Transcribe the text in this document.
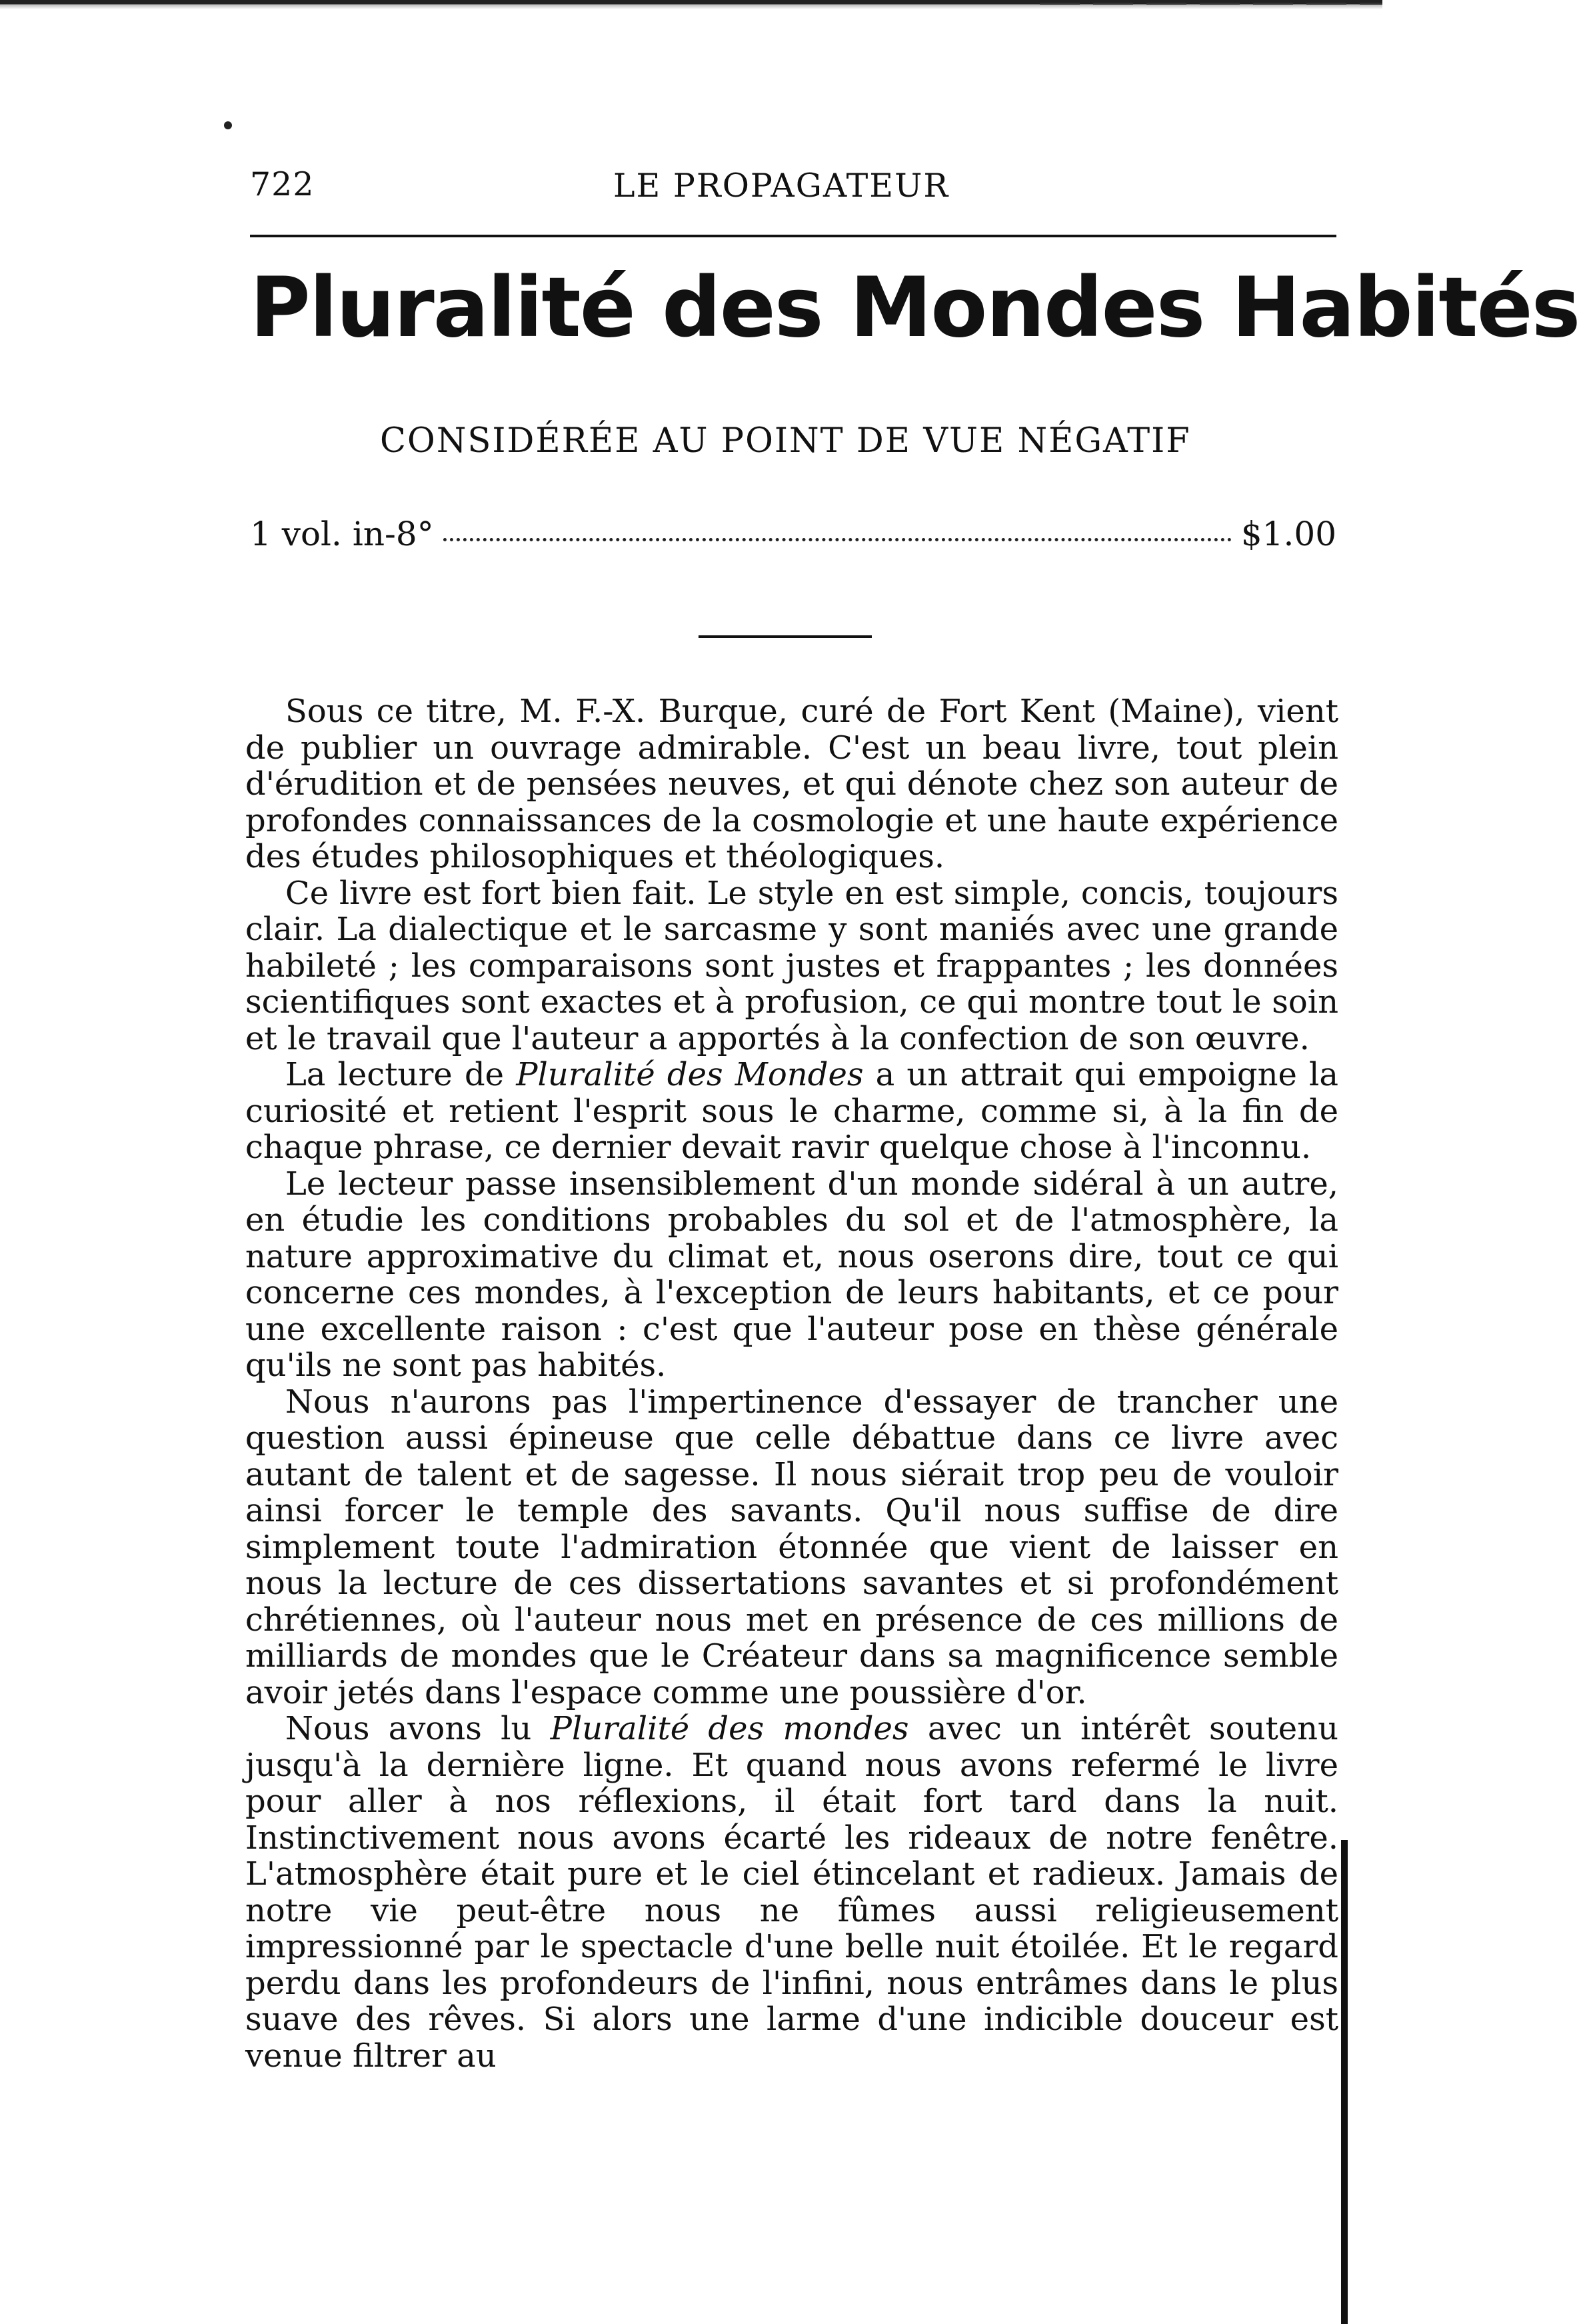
722	LE PROPAGATEUR
Pluralité des Mondes Habités
CONSIDÉRÉE AU POINT DE VUE NÉGATIF
1 vol. in-8°	$1.00

Sous ce titre, M. F.-X. Burque, curé de Fort Kent (Maine), vient de publier un ouvrage admirable. C'est un beau livre, tout plein d'érudition et de pensées neuves, et qui dénote chez son auteur de profondes connaissances de la cosmologie et une haute expérience des études philosophiques et théologiques.

Ce livre est fort bien fait. Le style en est simple, concis, toujours clair. La dialectique et le sarcasme y sont maniés avec une grande habileté ; les comparaisons sont justes et frappantes ; les données scientifiques sont exactes et à profusion, ce qui montre tout le soin et le travail que l'auteur a apportés à la confection de son œuvre.

La lecture de Pluralité des Mondes a un attrait qui empoigne la curiosité et retient l'esprit sous le charme, comme si, à la fin de chaque phrase, ce dernier devait ravir quelque chose à l'inconnu.

Le lecteur passe insensiblement d'un monde sidéral à un autre, en étudie les conditions probables du sol et de l'atmosphère, la nature approximative du climat et, nous oserons dire, tout ce qui concerne ces mondes, à l'exception de leurs habitants, et ce pour une excellente raison : c'est que l'auteur pose en thèse générale qu'ils ne sont pas habités.

Nous n'aurons pas l'impertinence d'essayer de trancher une question aussi épineuse que celle débattue dans ce livre avec autant de talent et de sagesse. Il nous siérait trop peu de vouloir ainsi forcer le temple des savants. Qu'il nous suffise de dire simplement toute l'admiration étonnée que vient de laisser en nous la lecture de ces dissertations savantes et si profondément chrétiennes, où l'auteur nous met en présence de ces millions de milliards de mondes que le Créateur dans sa magnificence semble avoir jetés dans l'espace comme une poussière d'or.

Nous avons lu Pluralité des mondes avec un intérêt soutenu jusqu'à la dernière ligne. Et quand nous avons refermé le livre pour aller à nos réflexions, il était fort tard dans la nuit. Instinctivement nous avons écarté les rideaux de notre fenêtre. L'atmosphère était pure et le ciel étincelant et radieux. Jamais de notre vie peut-être nous ne fûmes aussi religieusement impressionné par le spectacle d'une belle nuit étoilée. Et le regard perdu dans les profondeurs de l'infini, nous entrâmes dans le plus suave des rêves. Si alors une larme d'une indicible douceur est venue filtrer au
